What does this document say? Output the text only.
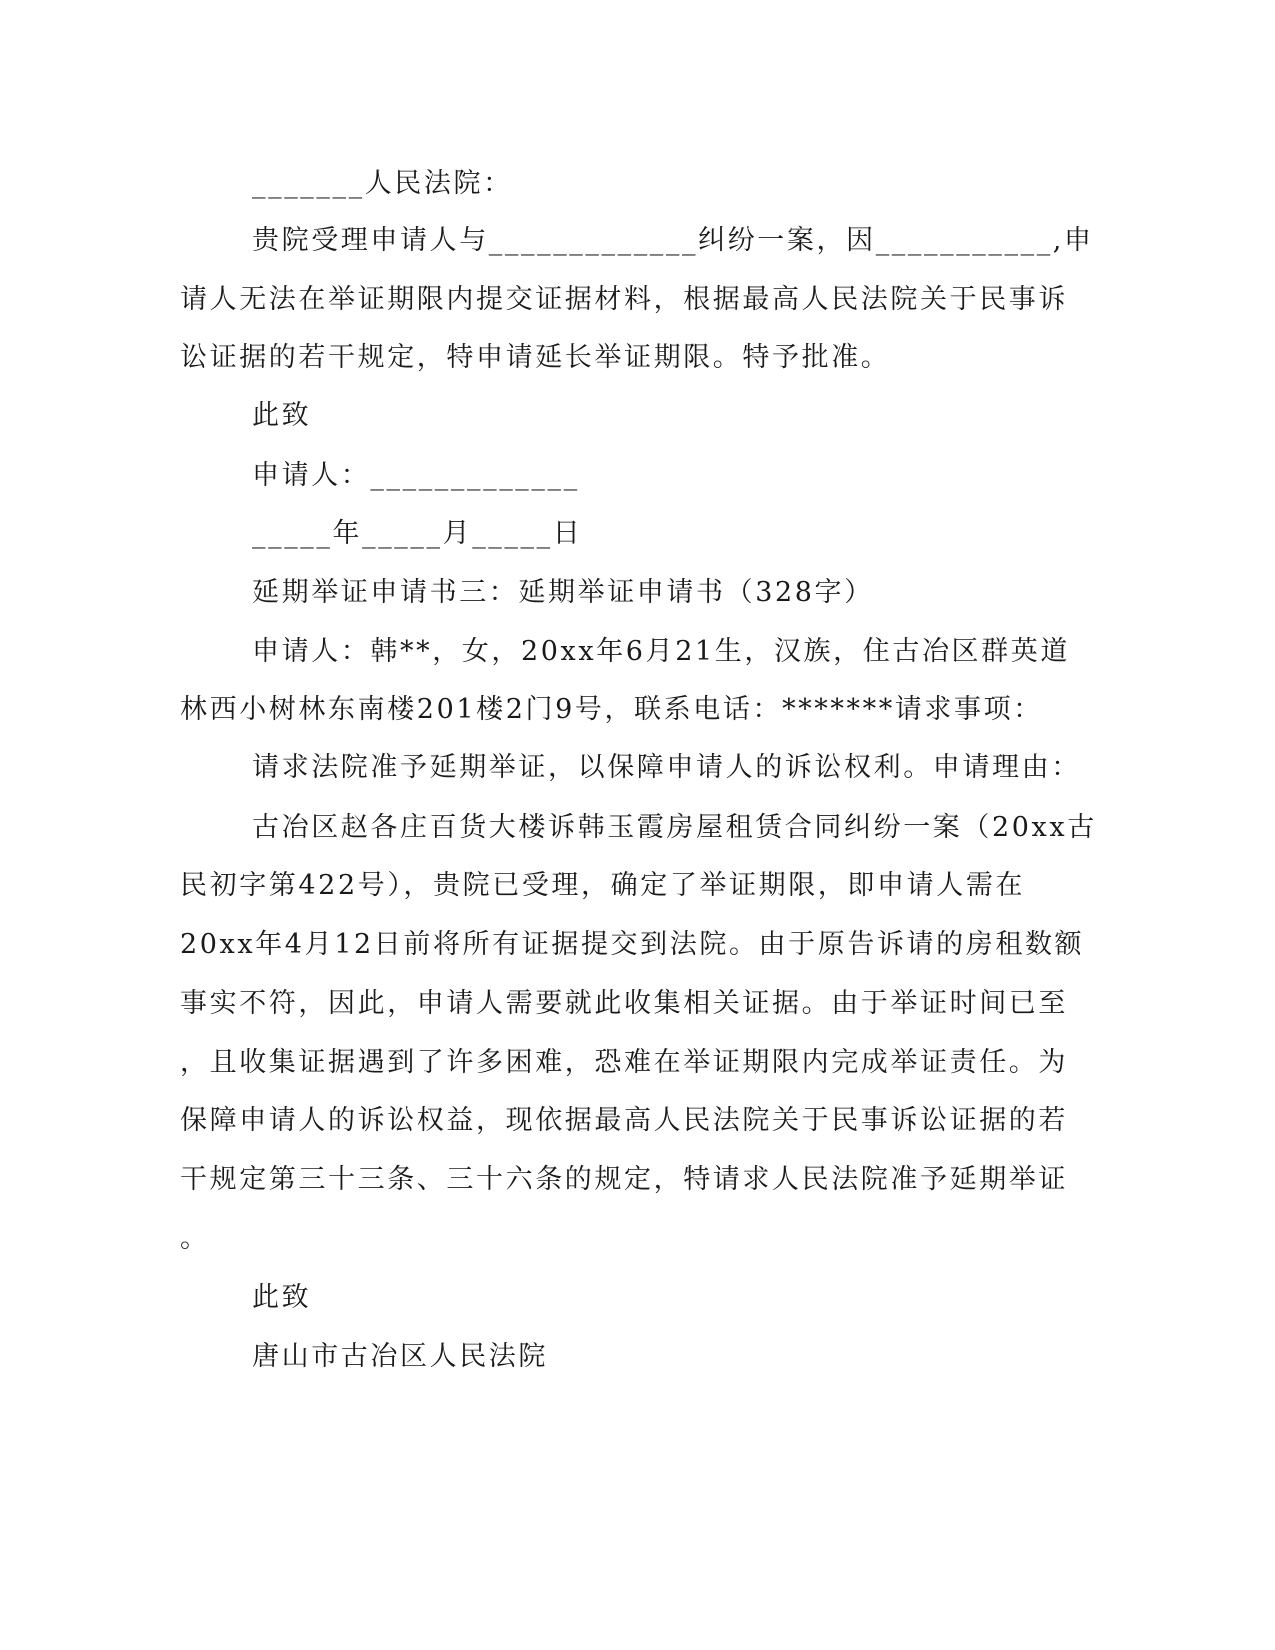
_______人民法院：
贵院受理申请人与_____________纠纷一案，因___________,申
请人无法在举证期限内提交证据材料，根据最高人民法院关于民事诉
讼证据的若干规定，特申请延长举证期限。特予批准。
此致
申请人：_____________
_____年_____月_____日
延期举证申请书三：延期举证申请书（328字）
申请人：韩**，女，20xx年6月21生，汉族，住古冶区群英道
林西小树林东南楼201楼2门9号，联系电话：*******请求事项：
请求法院准予延期举证，以保障申请人的诉讼权利。申请理由：
古冶区赵各庄百货大楼诉韩玉霞房屋租赁合同纠纷一案（20xx古
民初字第422号），贵院已受理，确定了举证期限，即申请人需在
20xx年4月12日前将所有证据提交到法院。由于原告诉请的房租数额
事实不符，因此，申请人需要就此收集相关证据。由于举证时间已至
，且收集证据遇到了许多困难，恐难在举证期限内完成举证责任。为
保障申请人的诉讼权益，现依据最高人民法院关于民事诉讼证据的若
干规定第三十三条、三十六条的规定，特请求人民法院准予延期举证
。
此致
唐山市古冶区人民法院
